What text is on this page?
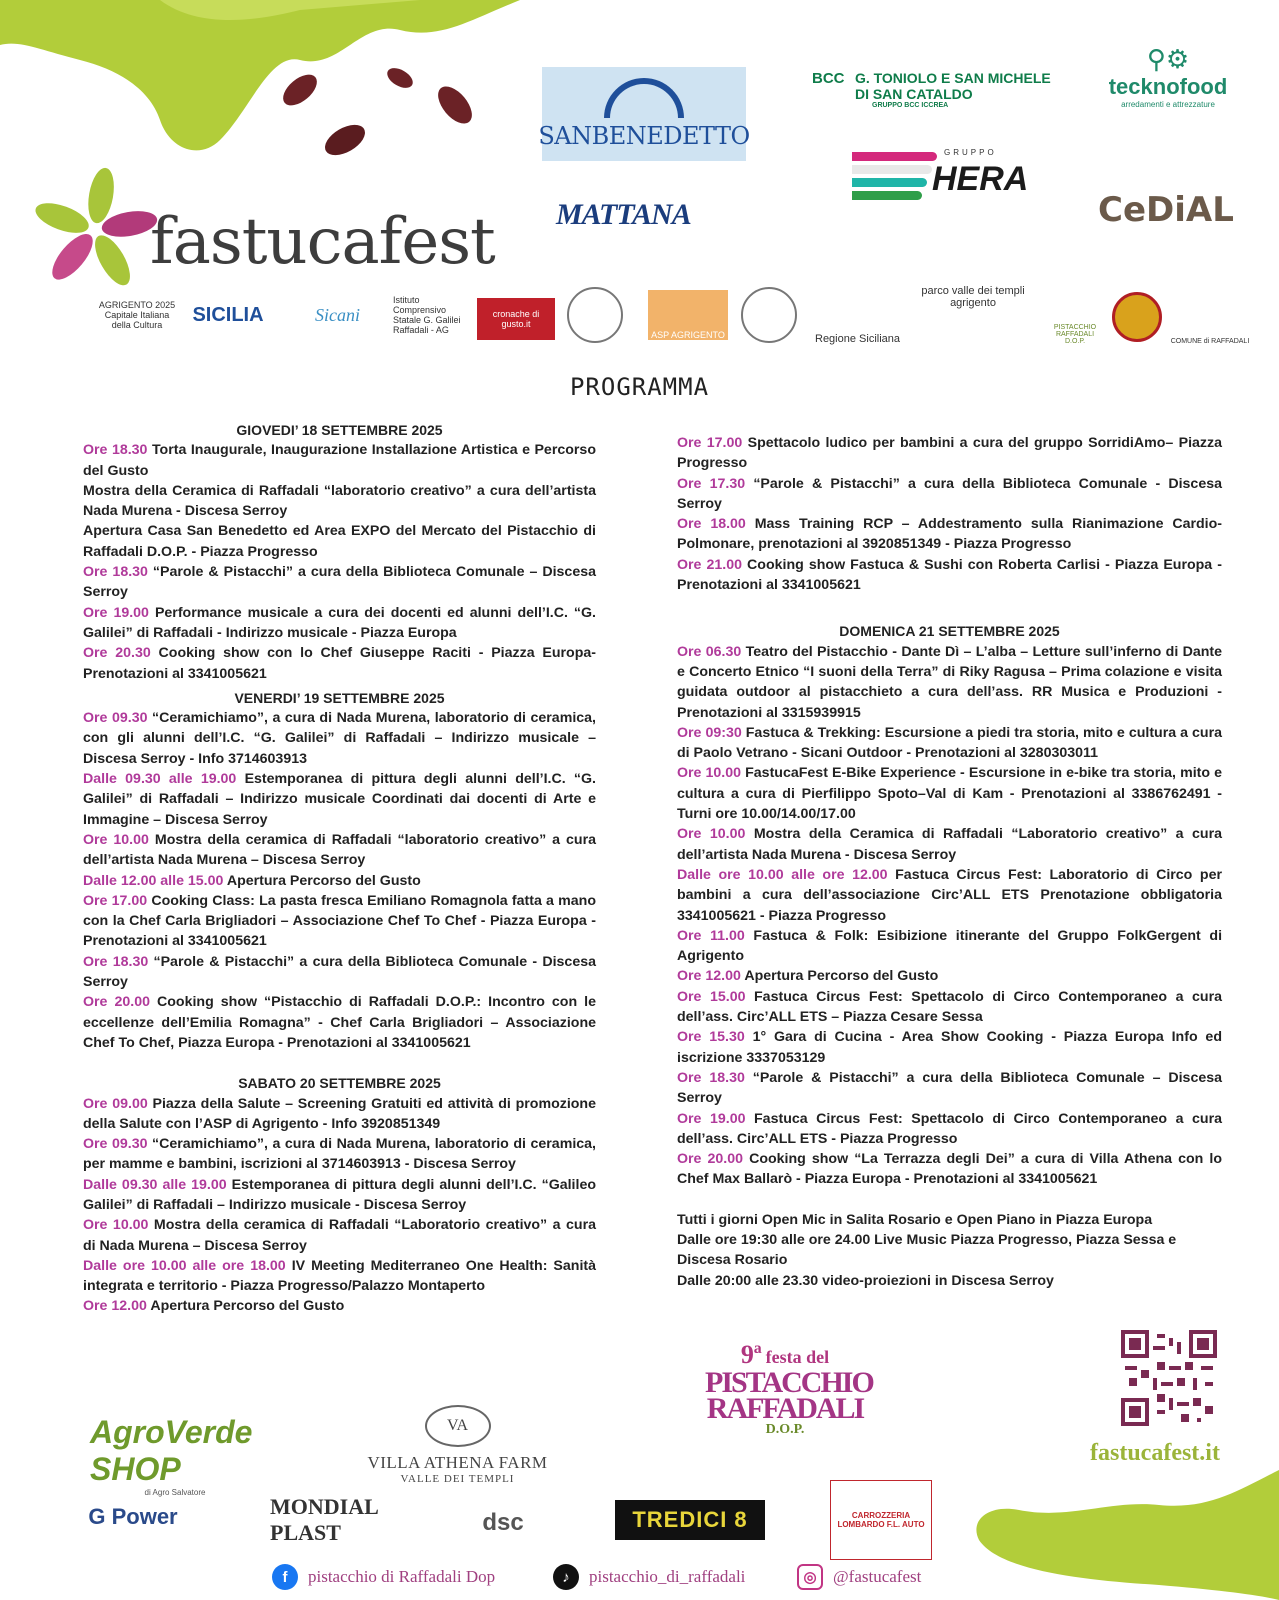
SANBENEDETTO
MATTANA
BCC G. TONIOLO E SAN MICHELE DI SAN CATALDO
GRUPPO BCC ICCREA
GRUPPO
HERA
⚲⚙
tecknofood
arredamenti e attrezzature
CeDiAL
fastucafest
AGRIGENTO 2025 Capitale Italiana della Cultura	SICILIA	Sicani
Istituto Comprensivo Statale G. Galilei Raffadali - AG
cronache di gusto.it
ASP AGRIGENTO	Regione Siciliana
parco valle dei templi agrigento
PISTACCHIO RAFFADALI D.O.P.	COMUNE di RAFFADALI
PROGRAMMA

GIOVEDI’ 18 SETTEMBRE 2025

Ore 18.30 Torta Inaugurale, Inaugurazione Installazione Artistica e Percorso del Gusto

Mostra della Ceramica di Raffadali “laboratorio creativo” a cura dell’artista Nada Murena - Discesa Serroy

Apertura Casa San Benedetto ed Area EXPO del Mercato del Pistacchio di Raffadali D.O.P. - Piazza Progresso

Ore 18.30 “Parole & Pistacchi” a cura della Biblioteca Comunale – Discesa Serroy

Ore 19.00 Performance musicale a cura dei docenti ed alunni dell’I.C. “G. Galilei” di Raffadali - Indirizzo musicale - Piazza Europa

Ore 20.30 Cooking show con lo Chef Giuseppe Raciti - Piazza Europa- Prenotazioni al 3341005621

VENERDI’ 19 SETTEMBRE 2025

Ore 09.30 “Ceramichiamo”, a cura di Nada Murena, laboratorio di ceramica, con gli alunni dell’I.C. “G. Galilei” di Raffadali – Indirizzo musicale – Discesa Serroy - Info 3714603913

Dalle 09.30 alle 19.00 Estemporanea di pittura degli alunni dell’I.C. “G. Galilei” di Raffadali – Indirizzo musicale Coordinati dai docenti di Arte e Immagine – Discesa Serroy

Ore 10.00 Mostra della ceramica di Raffadali “laboratorio creativo” a cura dell’artista Nada Murena – Discesa Serroy

Dalle 12.00 alle 15.00 Apertura Percorso del Gusto

Ore 17.00 Cooking Class: La pasta fresca Emiliano Romagnola fatta a mano con la Chef Carla Brigliadori – Associazione Chef To Chef - Piazza Europa - Prenotazioni al 3341005621

Ore 18.30 “Parole & Pistacchi” a cura della Biblioteca Comunale - Discesa Serroy

Ore 20.00 Cooking show “Pistacchio di Raffadali D.O.P.: Incontro con le eccellenze dell’Emilia Romagna” - Chef Carla Brigliadori – Associazione Chef To Chef, Piazza Europa - Prenotazioni al 3341005621

SABATO 20 SETTEMBRE 2025

Ore 09.00 Piazza della Salute – Screening Gratuiti ed attività di promozione della Salute con l’ASP di Agrigento - Info 3920851349

Ore 09.30 “Ceramichiamo”, a cura di Nada Murena, laboratorio di ceramica, per mamme e bambini, iscrizioni al 3714603913 - Discesa Serroy

Dalle 09.30 alle 19.00 Estemporanea di pittura degli alunni dell’I.C. “Galileo Galilei” di Raffadali – Indirizzo musicale - Discesa Serroy

Ore 10.00 Mostra della ceramica di Raffadali “Laboratorio creativo” a cura di Nada Murena – Discesa Serroy

Dalle ore 10.00 alle ore 18.00 IV Meeting Mediterraneo One Health: Sanità integrata e territorio - Piazza Progresso/Palazzo Montaperto

Ore 12.00 Apertura Percorso del Gusto

Ore 17.00 Spettacolo ludico per bambini a cura del gruppo SorridiAmo– Piazza Progresso

Ore 17.30 “Parole & Pistacchi” a cura della Biblioteca Comunale - Discesa Serroy

Ore 18.00 Mass Training RCP – Addestramento sulla Rianimazione Cardio-Polmonare, prenotazioni al 3920851349 - Piazza Progresso

Ore 21.00 Cooking show Fastuca & Sushi con Roberta Carlisi - Piazza Europa - Prenotazioni al 3341005621

DOMENICA 21 SETTEMBRE 2025

Ore 06.30 Teatro del Pistacchio - Dante Dì – L’alba – Letture sull’inferno di Dante e Concerto Etnico “I suoni della Terra” di Riky Ragusa – Prima colazione e visita guidata outdoor al pistacchieto a cura dell’ass. RR Musica e Produzioni - Prenotazioni al 3315939915

Ore 09:30 Fastuca & Trekking: Escursione a piedi tra storia, mito e cultura a cura di Paolo Vetrano - Sicani Outdoor - Prenotazioni al 3280303011

Ore 10.00 FastucaFest E-Bike Experience - Escursione in e-bike tra storia, mito e cultura a cura di Pierfilippo Spoto–Val di Kam - Prenotazioni al 3386762491 - Turni ore 10.00/14.00/17.00

Ore 10.00 Mostra della Ceramica di Raffadali “Laboratorio creativo” a cura dell’artista Nada Murena - Discesa Serroy

Dalle ore 10.00 alle ore 12.00 Fastuca Circus Fest: Laboratorio di Circo per bambini a cura dell’associazione Circ’ALL ETS Prenotazione obbligatoria 3341005621 - Piazza Progresso

Ore 11.00 Fastuca & Folk: Esibizione itinerante del Gruppo FolkGergent di Agrigento

Ore 12.00 Apertura Percorso del Gusto

Ore 15.00 Fastuca Circus Fest: Spettacolo di Circo Contemporaneo a cura dell’ass. Circ’ALL ETS – Piazza Cesare Sessa

Ore 15.30 1° Gara di Cucina - Area Show Cooking - Piazza Europa Info ed iscrizione 3337053129

Ore 18.30 “Parole & Pistacchi” a cura della Biblioteca Comunale – Discesa Serroy

Ore 19.00 Fastuca Circus Fest: Spettacolo di Circo Contemporaneo a cura dell’ass. Circ’ALL ETS - Piazza Progresso

Ore 20.00 Cooking show “La Terrazza degli Dei” a cura di Villa Athena con lo Chef Max Ballarò - Piazza Europa - Prenotazioni al 3341005621

Tutti i giorni Open Mic in Salita Rosario e Open Piano in Piazza Europa

Dalle ore 19:30 alle ore 24.00 Live Music Piazza Progresso, Piazza Sessa e Discesa Rosario

Dalle 20:00 alle 23.30 video-proiezioni in Discesa Serroy

9ª festa del
PISTACCHIO
RAFFADALI
D.O.P.
fastucafest.it
AgroVerde SHOP
di Agro Salvatore
VA
VILLA ATHENA FARM
VALLE DEI TEMPLI
G Power	MONDIAL PLAST	dsc	TREDICI 8	CARROZZERIA LOMBARDO F.L. AUTO
f	pistacchio di Raffadali Dop	♪	pistacchio_di_raffadali	◎ @fastucafest
